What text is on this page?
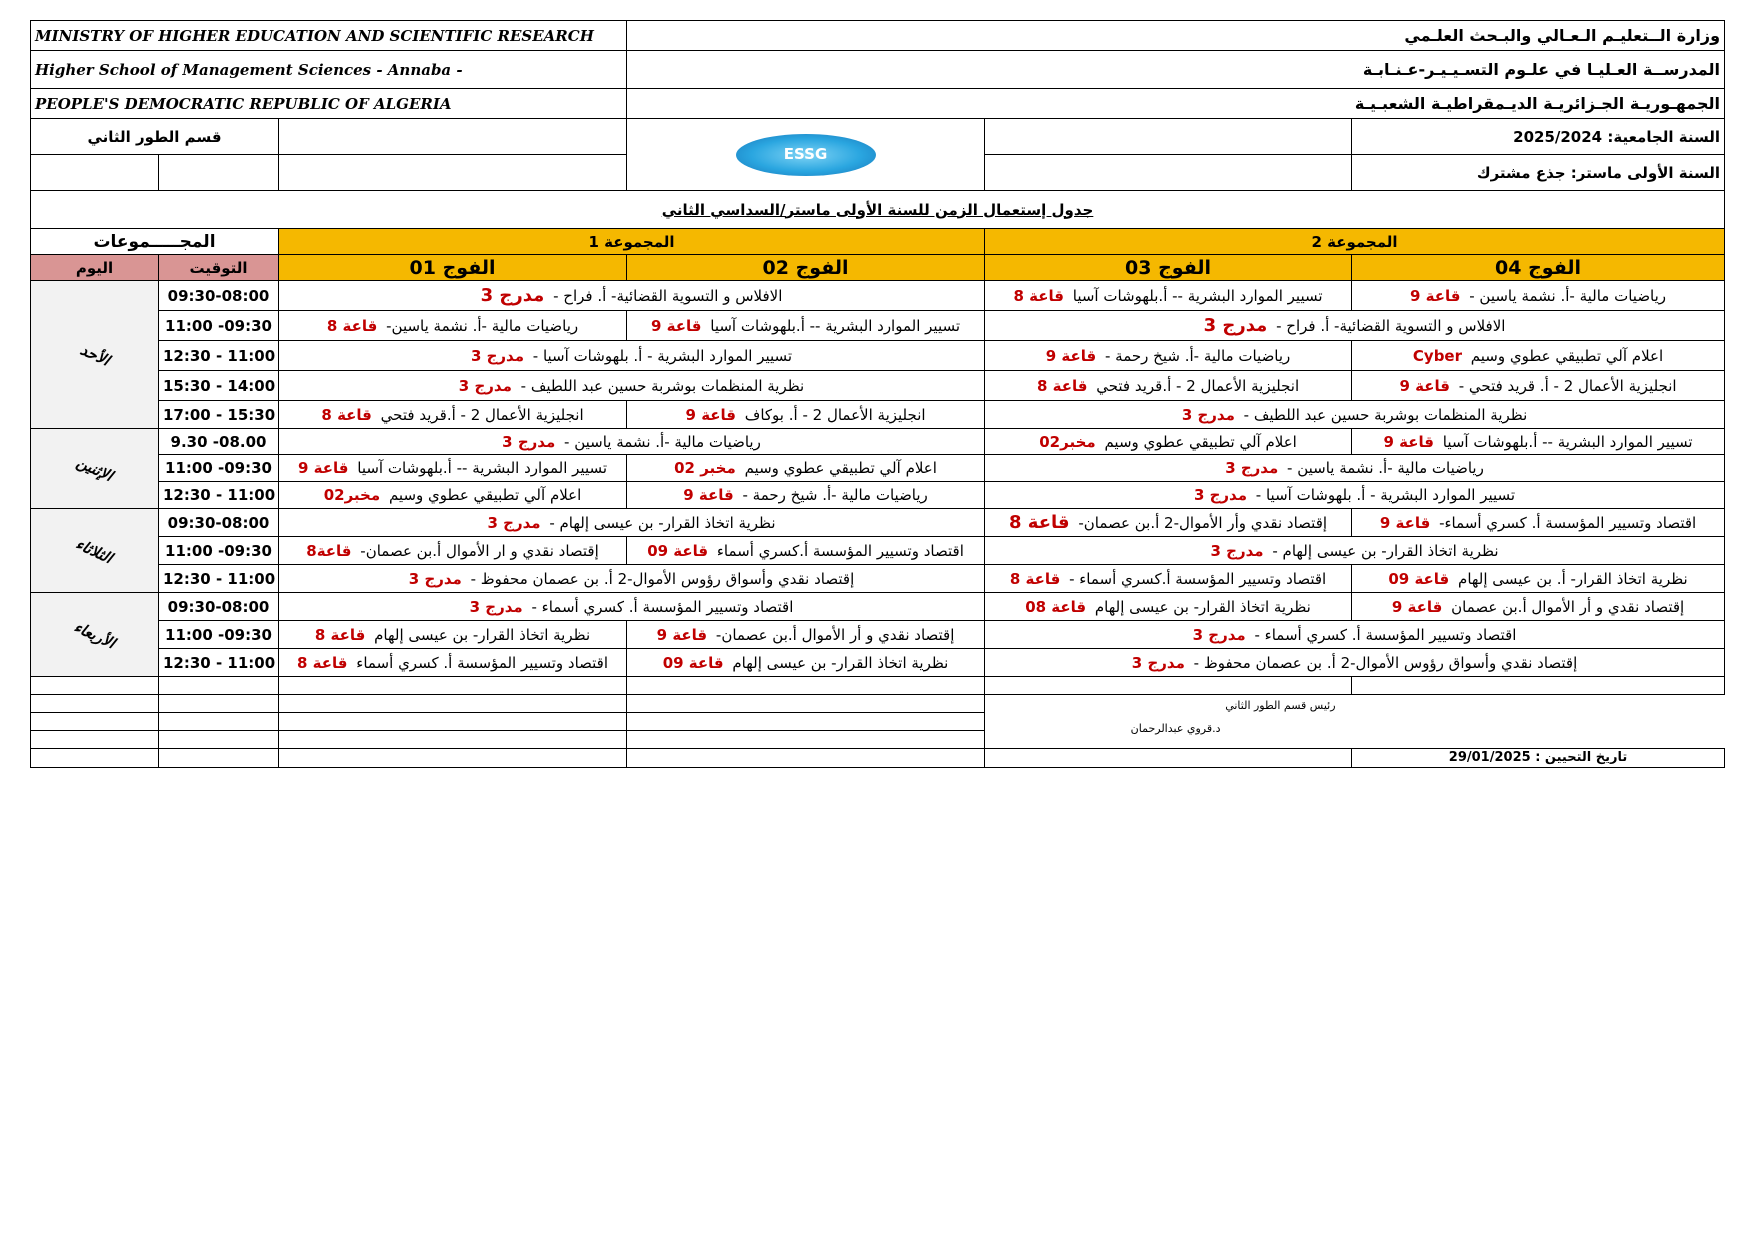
MINISTRY OF HIGHER EDUCATION AND SCIENTIFIC RESEARCH			وزارة الــتعليـم الـعـالي والبـحث العلـمي		
Higher School of Management Sciences - Annaba -			المدرســة العـليـا في علـوم التسـيـيـر-عـنـابـة		
PEOPLE'S DEMOCRATIC REPUBLIC OF ALGERIA			الجمهـوريـة الجـزائريـة الديـمقراطيـة الشعبـيـة		
قسم الطور الثاني			ESSG		السنة الجامعية: 2025/2024
					السنة الأولى ماستر: جذع مشترك
جدول إستعمال الزمن للسنة الأولى ماستر/السداسي الثاني					
المجـــــموعات		المجموعة 1		المجموعة 2	
اليوم	التوقيت	الفوج 01	الفوج 02	الفوج 03	الفوج 04
الأحد	09:30-08:00	الافلاس و التسوية القضائية- أ. فراح - مدرج 3		تسيير الموارد البشرية -- أ.بلهوشات آسيا قاعة 8	رياضيات مالية -أ. نشمة ياسين - قاعة 9
	11:00 -09:30	رياضيات مالية -أ. نشمة ياسين- قاعة 8	تسيير الموارد البشرية -- أ.بلهوشات آسيا قاعة 9	الافلاس و التسوية القضائية- أ. فراح - مدرج 3	
	12:30 - 11:00	تسيير الموارد البشرية - أ. بلهوشات آسيا - مدرج 3		رياضيات مالية -أ. شيخ رحمة - قاعة 9	اعلام آلي تطبيقي عطوي وسيم Cyber
	15:30 - 14:00	نظرية المنظمات بوشربة حسين عبد اللطيف - مدرج 3		انجليزية الأعمال 2 - أ.قريد فتحي قاعة 8	انجليزية الأعمال 2 - أ. قريد فتحي - قاعة 9
	17:00 - 15:30	انجليزية الأعمال 2 - أ.قريد فتحي قاعة 8	انجليزية الأعمال 2 - أ. بوكاف قاعة 9	نظرية المنظمات بوشربة حسين عبد اللطيف - مدرج 3	
الإثنين	9.30 -08.00	رياضيات مالية -أ. نشمة ياسين - مدرج 3		اعلام آلي تطبيقي عطوي وسيم مخبر02	تسيير الموارد البشرية -- أ.بلهوشات آسيا قاعة 9
	11:00 -09:30	تسيير الموارد البشرية -- أ.بلهوشات آسيا قاعة 9	اعلام آلي تطبيقي عطوي وسيم مخبر 02	رياضيات مالية -أ. نشمة ياسين - مدرج 3	
	12:30 - 11:00	اعلام آلي تطبيقي عطوي وسيم مخبر02	رياضيات مالية -أ. شيخ رحمة - قاعة 9	تسيير الموارد البشرية - أ. بلهوشات آسيا - مدرج 3	
الثلاثاء	09:30-08:00	نظرية اتخاذ القرار- بن عيسى إلهام - مدرج 3		إقتصاد نقدي وأر الأموال-2 أ.بن عصمان- قاعة 8	اقتصاد وتسيير المؤسسة أ. كسري أسماء- قاعة 9
	11:00 -09:30	إقتصاد نقدي و ار الأموال أ.بن عصمان- قاعة8	اقتصاد وتسيير المؤسسة أ.كسري أسماء قاعة 09	نظرية اتخاذ القرار- بن عيسى إلهام - مدرج 3	
	12:30 - 11:00	إقتصاد نقدي وأسواق رؤوس الأموال-2 أ. بن عصمان محفوظ - مدرج 3		اقتصاد وتسيير المؤسسة أ.كسري أسماء - قاعة 8	نظرية اتخاذ القرار- أ. بن عيسى إلهام قاعة 09
الأربعاء	09:30-08:00	اقتصاد وتسيير المؤسسة أ. كسري أسماء - مدرج 3		نظرية اتخاذ القرار- بن عيسى إلهام قاعة 08	إقتصاد نقدي و أر الأموال أ.بن عصمان قاعة 9
	11:00 -09:30	نظرية اتخاذ القرار- بن عيسى إلهام قاعة 8	إقتصاد نقدي و أر الأموال أ.بن عصمان- قاعة 9	اقتصاد وتسيير المؤسسة أ. كسري أسماء - مدرج 3	
	12:30 - 11:00	اقتصاد وتسيير المؤسسة أ. كسري أسماء قاعة 8	نظرية اتخاذ القرار- بن عيسى إلهام قاعة 09	إقتصاد نقدي وأسواق رؤوس الأموال-2 أ. بن عصمان محفوظ - مدرج 3	

				رئيس قسم الطور الثاني
د.قروي عبدالرحمان	

					تاريخ التحيين : 29/01/2025
